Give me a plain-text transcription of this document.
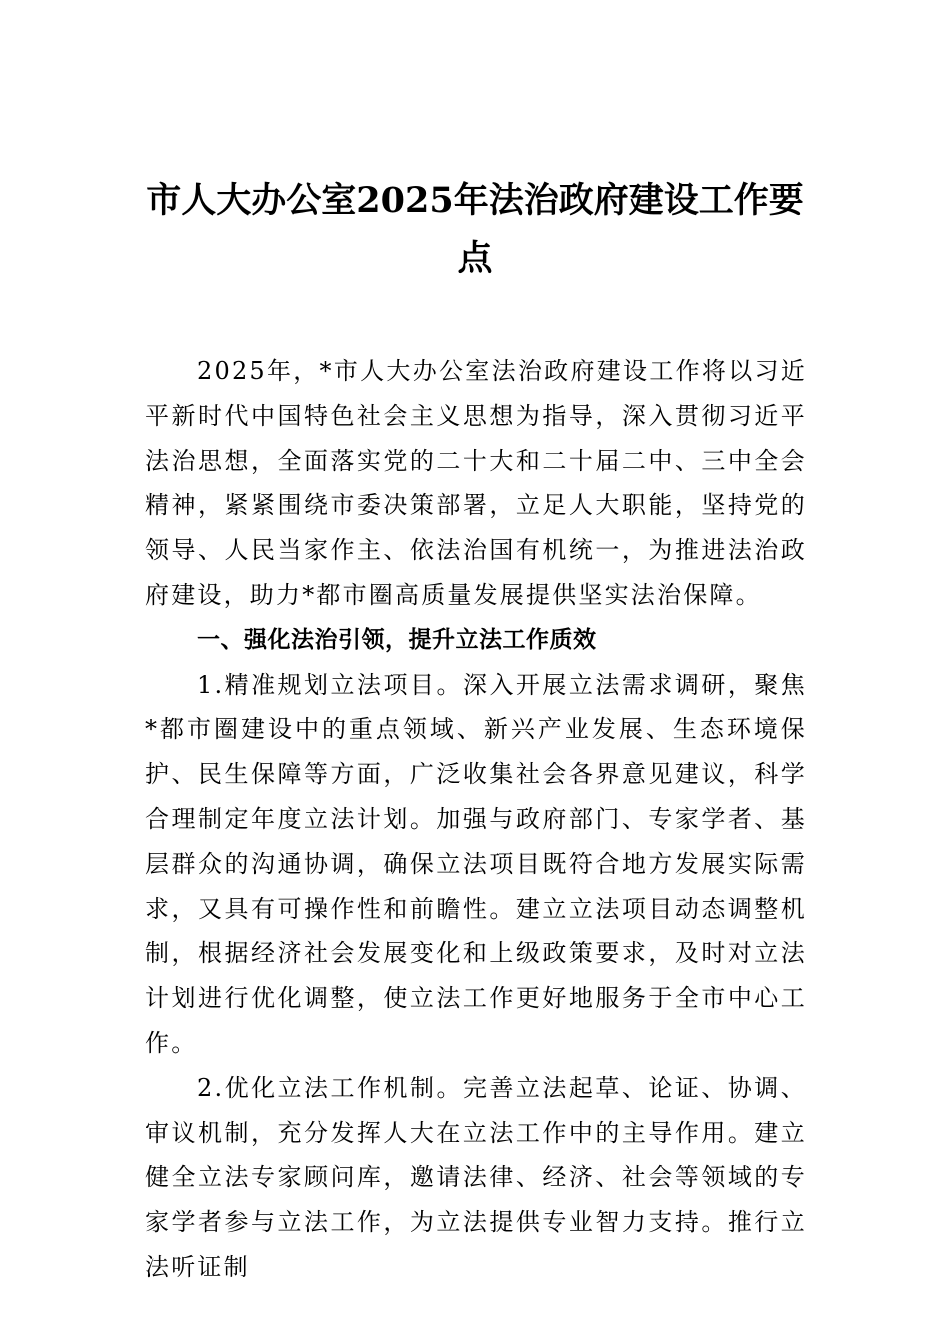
市人大办公室2025年法治政府建设工作要点

2025年，*市人大办公室法治政府建设工作将以习近平新时代中国特色社会主义思想为指导，深入贯彻习近平法治思想，全面落实党的二十大和二十届二中、三中全会精神，紧紧围绕市委决策部署，立足人大职能，坚持党的领导、人民当家作主、依法治国有机统一，为推进法治政府建设，助力*都市圈高质量发展提供坚实法治保障。

一、强化法治引领，提升立法工作质效

1.精准规划立法项目。深入开展立法需求调研，聚焦*都市圈建设中的重点领域、新兴产业发展、生态环境保护、民生保障等方面，广泛收集社会各界意见建议，科学合理制定年度立法计划。加强与政府部门、专家学者、基层群众的沟通协调，确保立法项目既符合地方发展实际需求，又具有可操作性和前瞻性。建立立法项目动态调整机制，根据经济社会发展变化和上级政策要求，及时对立法计划进行优化调整，使立法工作更好地服务于全市中心工作。

2.优化立法工作机制。完善立法起草、论证、协调、审议机制，充分发挥人大在立法工作中的主导作用。建立健全立法专家顾问库，邀请法律、经济、社会等领域的专家学者参与立法工作，为立法提供专业智力支持。推行立法听证制
